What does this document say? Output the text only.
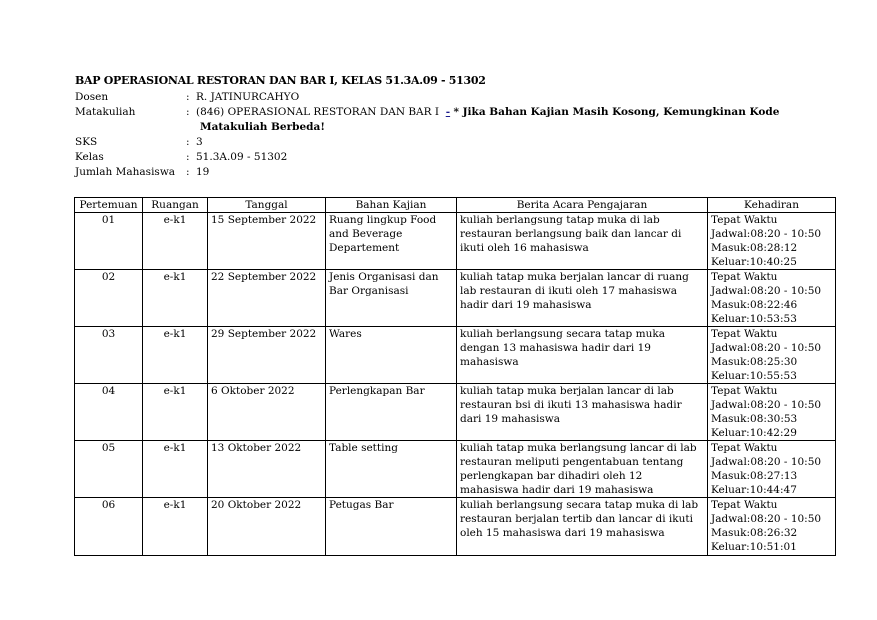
BAP OPERASIONAL RESTORAN DAN BAR I, KELAS 51.3A.09 - 51302
Dosen	: R. JATINURCAHYO
Matakuliah	: (846) OPERASIONAL RESTORAN DAN BAR I - * Jika Bahan Kajian Masih Kosong, Kemungkinan Kode
Matakuliah Berbeda!
SKS	: 3
Kelas	: 51.3A.09 - 51302
Jumlah Mahasiswa : 19
Pertemuan	Ruangan	Tanggal	Bahan Kajian	Berita Acara Pengajaran	Kehadiran
01	e-k1	15 September 2022	Ruang lingkup Food and Beverage Departement	kuliah berlangsung tatap muka di lab restauran berlangsung baik dan lancar di ikuti oleh 16 mahasiswa	Tepat Waktu
Jadwal:08:20 - 10:50
Masuk:08:28:12
Keluar:10:40:25

02	e-k1	22 September 2022	Jenis Organisasi dan Bar Organisasi	kuliah tatap muka berjalan lancar di ruang lab restauran di ikuti oleh 17 mahasiswa hadir dari 19 mahasiswa	Tepat Waktu
Jadwal:08:20 - 10:50
Masuk:08:22:46
Keluar:10:53:53

03	e-k1	29 September 2022	Wares	kuliah berlangsung secara tatap muka dengan 13 mahasiswa hadir dari 19 mahasiswa	Tepat Waktu
Jadwal:08:20 - 10:50
Masuk:08:25:30
Keluar:10:55:53

04	e-k1	6 Oktober 2022	Perlengkapan Bar	kuliah tatap muka berjalan lancar di lab restauran bsi di ikuti 13 mahasiswa hadir dari 19 mahasiswa	Tepat Waktu
Jadwal:08:20 - 10:50
Masuk:08:30:53
Keluar:10:42:29

05	e-k1	13 Oktober 2022	Table setting	kuliah tatap muka berlangsung lancar di lab restauran meliputi pengentabuan tentang perlengkapan bar dihadiri oleh 12 mahasiswa hadir dari 19 mahasiswa	Tepat Waktu
Jadwal:08:20 - 10:50
Masuk:08:27:13
Keluar:10:44:47

06	e-k1	20 Oktober 2022	Petugas Bar	kuliah berlangsung secara tatap muka di lab restauran berjalan tertib dan lancar di ikuti oleh 15 mahasiswa dari 19 mahasiswa	Tepat Waktu
Jadwal:08:20 - 10:50
Masuk:08:26:32
Keluar:10:51:01
